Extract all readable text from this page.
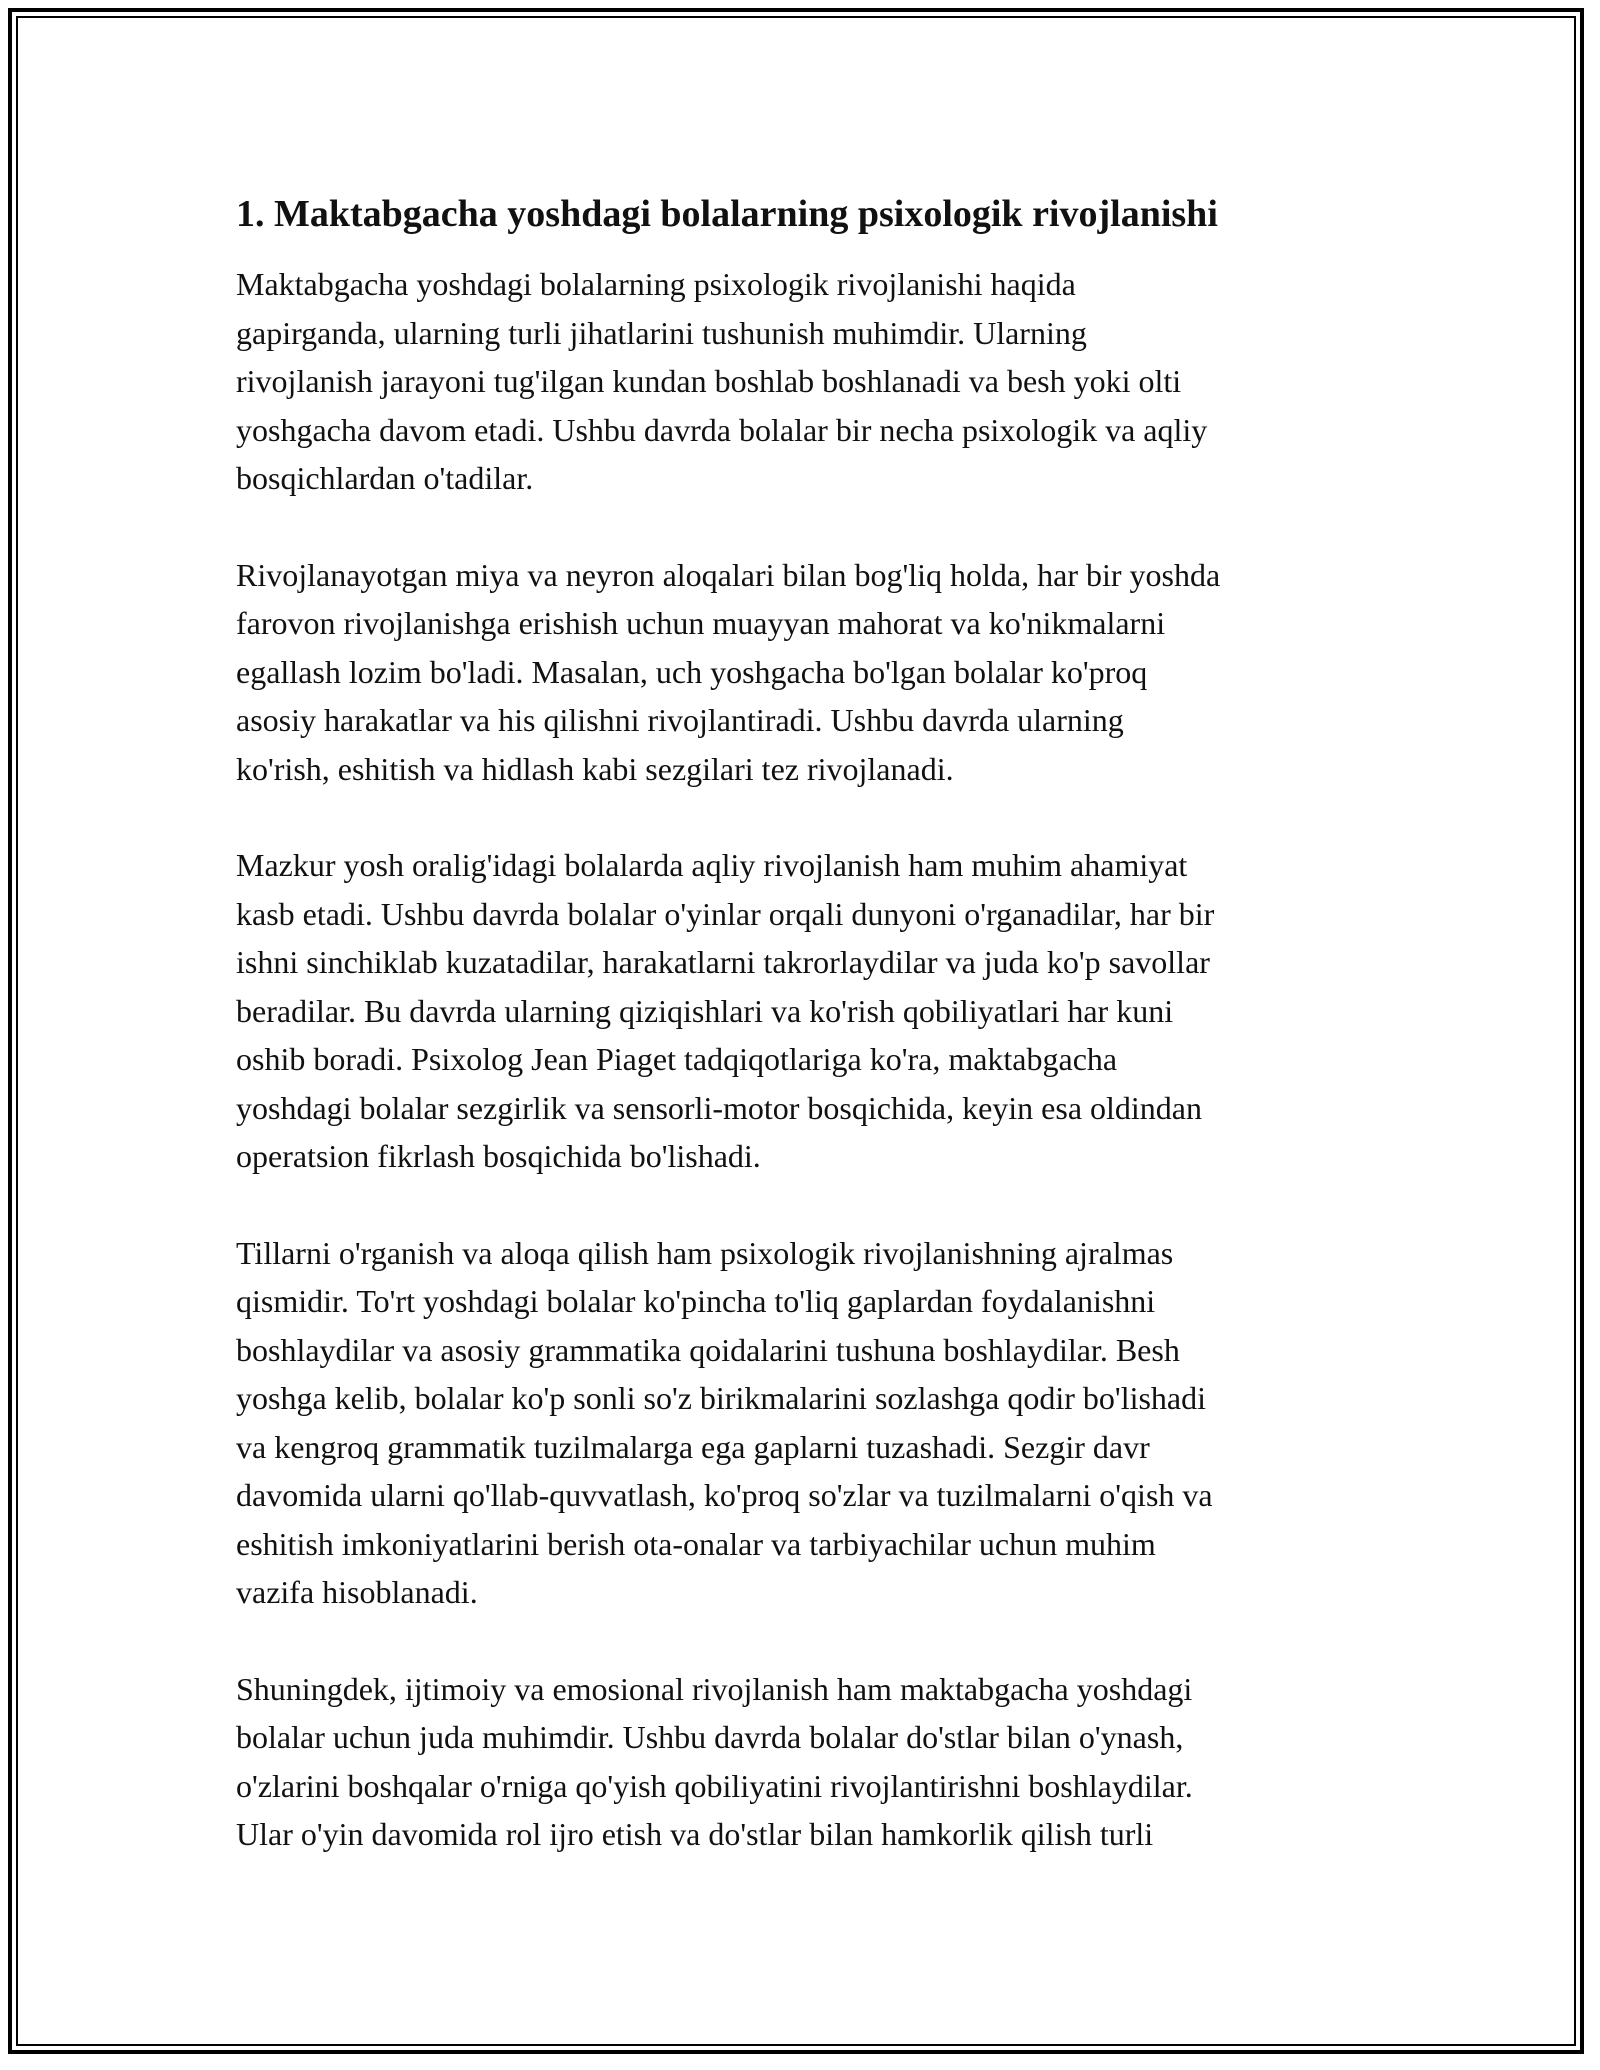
1. Maktabgacha yoshdagi bolalarning psixologik rivojlanishi

Maktabgacha yoshdagi bolalarning psixologik rivojlanishi haqida
gapirganda, ularning turli jihatlarini tushunish muhimdir. Ularning
rivojlanish jarayoni tug'ilgan kundan boshlab boshlanadi va besh yoki olti
yoshgacha davom etadi. Ushbu davrda bolalar bir necha psixologik va aqliy
bosqichlardan o'tadilar.

Rivojlanayotgan miya va neyron aloqalari bilan bog'liq holda, har bir yoshda
farovon rivojlanishga erishish uchun muayyan mahorat va ko'nikmalarni
egallash lozim bo'ladi. Masalan, uch yoshgacha bo'lgan bolalar ko'proq
asosiy harakatlar va his qilishni rivojlantiradi. Ushbu davrda ularning
ko'rish, eshitish va hidlash kabi sezgilari tez rivojlanadi.

Mazkur yosh oralig'idagi bolalarda aqliy rivojlanish ham muhim ahamiyat
kasb etadi. Ushbu davrda bolalar o'yinlar orqali dunyoni o'rganadilar, har bir
ishni sinchiklab kuzatadilar, harakatlarni takrorlaydilar va juda ko'p savollar
beradilar. Bu davrda ularning qiziqishlari va ko'rish qobiliyatlari har kuni
oshib boradi. Psixolog Jean Piaget tadqiqotlariga ko'ra, maktabgacha
yoshdagi bolalar sezgirlik va sensorli-motor bosqichida, keyin esa oldindan
operatsion fikrlash bosqichida bo'lishadi.

Tillarni o'rganish va aloqa qilish ham psixologik rivojlanishning ajralmas
qismidir. To'rt yoshdagi bolalar ko'pincha to'liq gaplardan foydalanishni
boshlaydilar va asosiy grammatika qoidalarini tushuna boshlaydilar. Besh
yoshga kelib, bolalar ko'p sonli so'z birikmalarini sozlashga qodir bo'lishadi
va kengroq grammatik tuzilmalarga ega gaplarni tuzashadi. Sezgir davr
davomida ularni qo'llab-quvvatlash, ko'proq so'zlar va tuzilmalarni o'qish va
eshitish imkoniyatlarini berish ota-onalar va tarbiyachilar uchun muhim
vazifa hisoblanadi.

Shuningdek, ijtimoiy va emosional rivojlanish ham maktabgacha yoshdagi
bolalar uchun juda muhimdir. Ushbu davrda bolalar do'stlar bilan o'ynash,
o'zlarini boshqalar o'rniga qo'yish qobiliyatini rivojlantirishni boshlaydilar.
Ular o'yin davomida rol ijro etish va do'stlar bilan hamkorlik qilish turli
